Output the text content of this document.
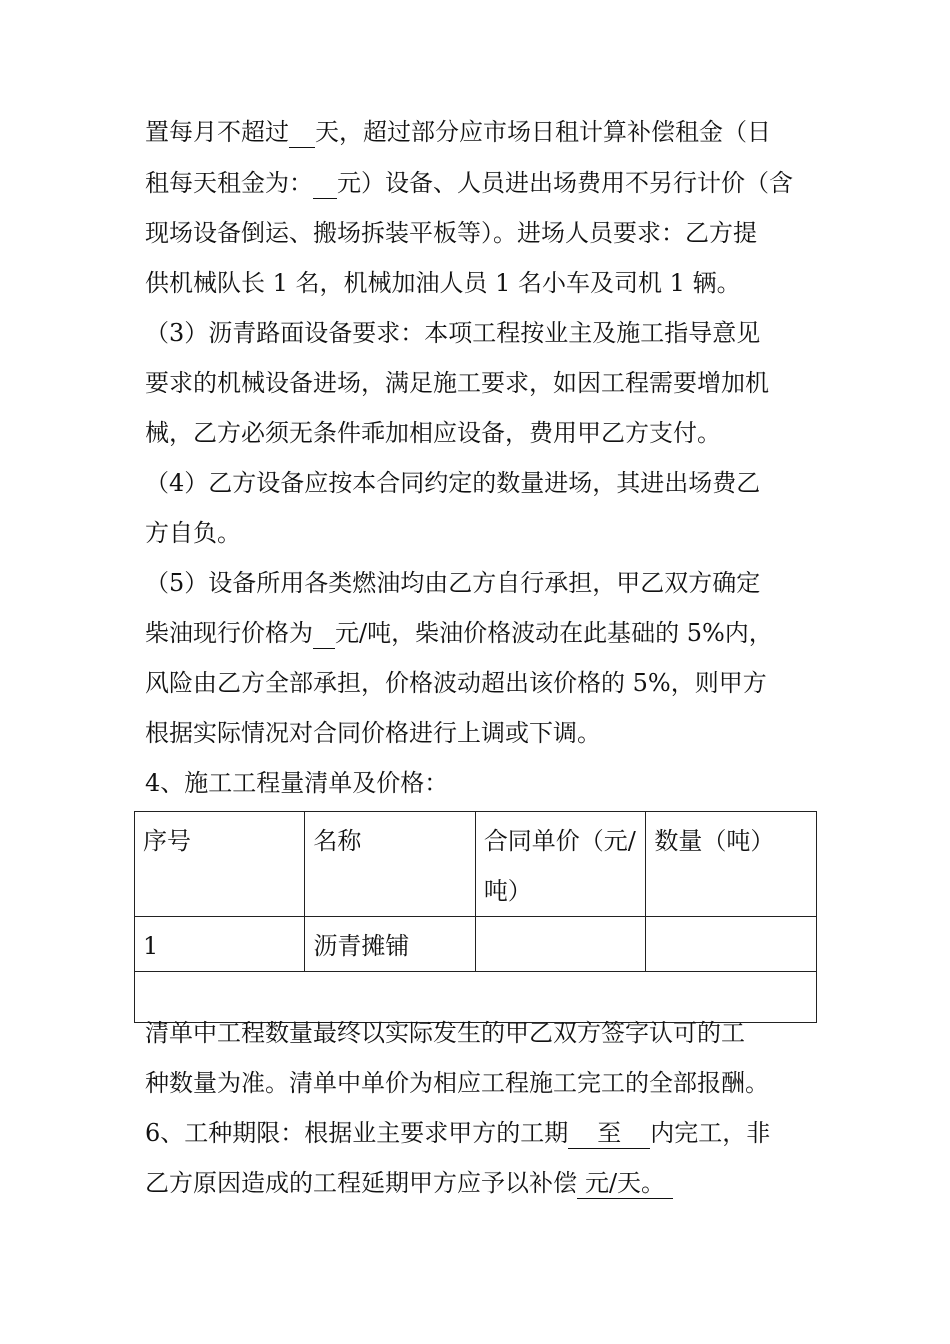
置每月不超过 天，超过部分应市场日租计算补偿租金（日
租每天租金为： 元）设备、人员进出场费用不另行计价（含
现场设备倒运、搬场拆装平板等）。进场人员要求：乙方提
供机械队长 1 名，机械加油人员 1 名小车及司机 1 辆。
（3）沥青路面设备要求：本项工程按业主及施工指导意见
要求的机械设备进场，满足施工要求，如因工程需要增加机
械，乙方必须无条件乖加相应设备，费用甲乙方支付。
（4）乙方设备应按本合同约定的数量进场，其进出场费乙
方自负。
（5）设备所用各类燃油均由乙方自行承担，甲乙双方确定
柴油现行价格为 元/吨，柴油价格波动在此基础的 5%内，
风险由乙方全部承担，价格波动超出该价格的 5%，则甲方
根据实际情况对合同价格进行上调或下调。
4、施工工程量清单及价格：
序号	名称	合同单价（元/吨）	数量（吨）
1	沥青摊铺		

清单中工程数量最终以实际发生的甲乙双方签字认可的工
种数量为准。清单中单价为相应工程施工完工的全部报酬。
6、工种期限：根据业主要求甲方的工期 至 内完工，非
乙方原因造成的工程延期甲方应予以补偿 元/天。
